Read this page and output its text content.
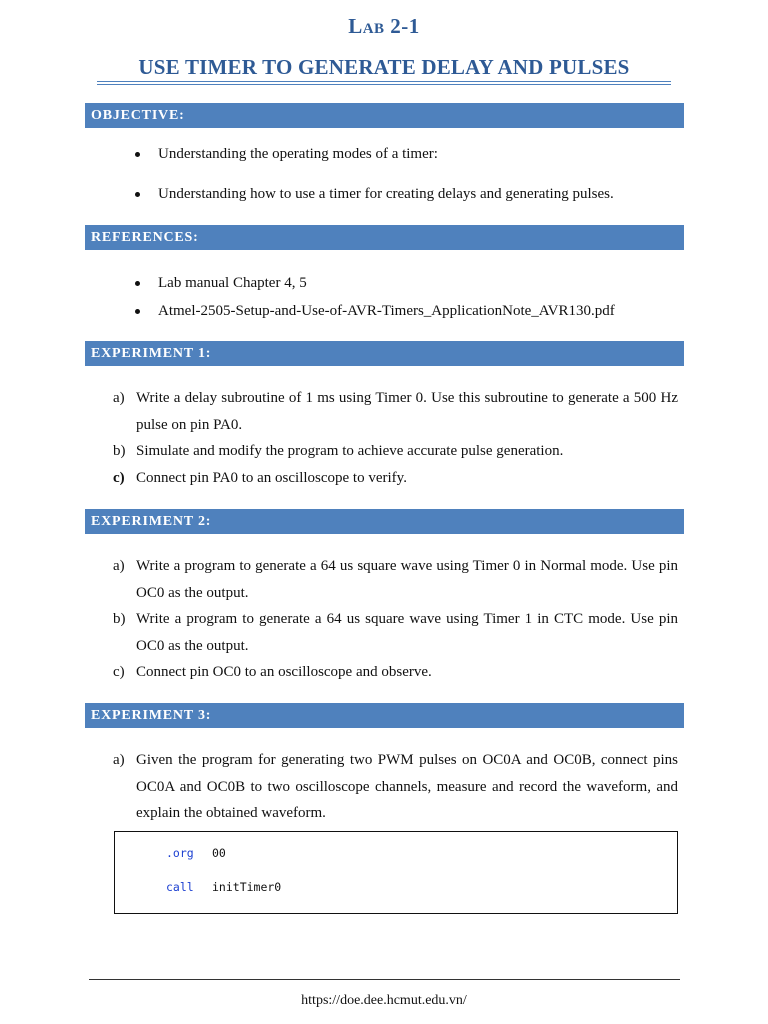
Lab 2-1
USE TIMER TO GENERATE DELAY AND PULSES
OBJECTIVE:
Understanding the operating modes of a timer:
Understanding how to use a timer for creating delays and generating pulses.
REFERENCES:
Lab manual Chapter 4, 5
Atmel-2505-Setup-and-Use-of-AVR-Timers_ApplicationNote_AVR130.pdf
EXPERIMENT 1:
a) Write a delay subroutine of 1 ms using Timer 0. Use this subroutine to generate a 500 Hz pulse on pin PA0.
b) Simulate and modify the program to achieve accurate pulse generation.
c) Connect pin PA0 to an oscilloscope to verify.
EXPERIMENT 2:
a) Write a program to generate a 64 us square wave using Timer 0 in Normal mode. Use pin OC0 as the output.
b) Write a program to generate a 64 us square wave using Timer 1 in CTC mode. Use pin OC0 as the output.
c) Connect pin OC0 to an oscilloscope and observe.
EXPERIMENT 3:
a) Given the program for generating two PWM pulses on OC0A and OC0B, connect pins OC0A and OC0B to two oscilloscope channels, measure and record the waveform, and explain the obtained waveform.
.org 00
call initTimer0
https://doe.dee.hcmut.edu.vn/
